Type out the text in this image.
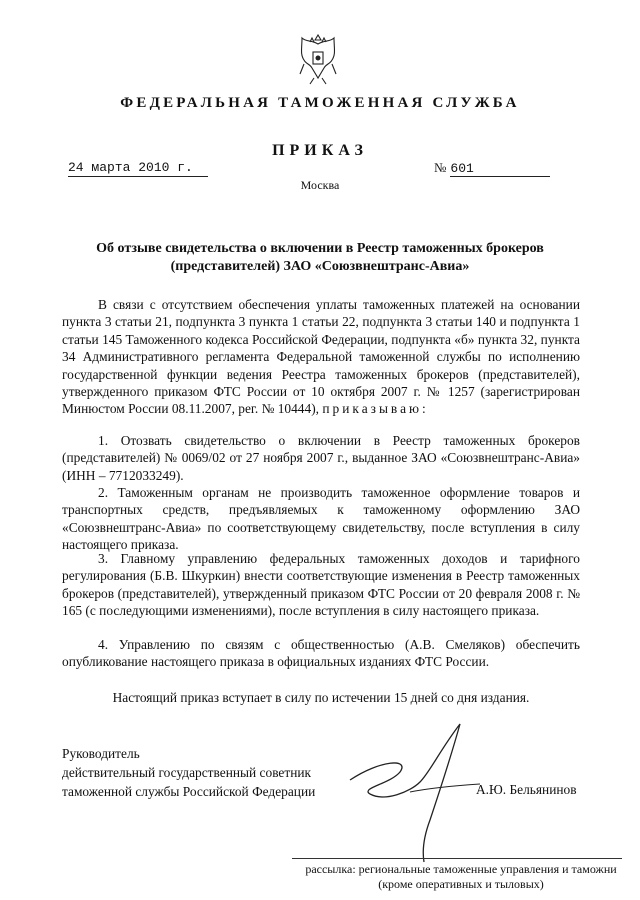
ФЕДЕРАЛЬНАЯ ТАМОЖЕННАЯ СЛУЖБА
ПРИКАЗ
24 марта 2010 г.	№ 601
Москва
Об отзыве свидетельства о включении в Реестр таможенных брокеров (представителей) ЗАО «Союзвнештранс-Авиа»
В связи с отсутствием обеспечения уплаты таможенных платежей на основании пункта 3 статьи 21, подпункта 3 пункта 1 статьи 22, подпункта 3 статьи 140 и подпункта 1 статьи 145 Таможенного кодекса Российской Федерации, подпункта «б» пункта 32, пункта 34 Административного регламента Федеральной таможенной службы по исполнению государственной функции ведения Реестра таможенных брокеров (представителей), утвержденного приказом ФТС России от 10 октября 2007 г. № 1257 (зарегистрирован Минюстом России 08.11.2007, рег. № 10444), приказываю:
1. Отозвать свидетельство о включении в Реестр таможенных брокеров (представителей) № 0069/02 от 27 ноября 2007 г., выданное ЗАО «Союзвнештранс-Авиа» (ИНН – 7712033249).
2. Таможенным органам не производить таможенное оформление товаров и транспортных средств, предъявляемых к таможенному оформлению ЗАО «Союзвнештранс-Авиа» по соответствующему свидетельству, после вступления в силу настоящего приказа.
3. Главному управлению федеральных таможенных доходов и тарифного регулирования (Б.В. Шкуркин) внести соответствующие изменения в Реестр таможенных брокеров (представителей), утвержденный приказом ФТС России от 20 февраля 2008 г. № 165 (с последующими изменениями), после вступления в силу настоящего приказа.
4. Управлению по связям с общественностью (А.В. Смеляков) обеспечить опубликование настоящего приказа в официальных изданиях ФТС России.
Настоящий приказ вступает в силу по истечении 15 дней со дня издания.
Руководитель
действительный государственный советник
таможенной службы Российской Федерации	А.Ю. Бельянинов
рассылка: региональные таможенные управления и таможни
(кроме оперативных и тыловых)
